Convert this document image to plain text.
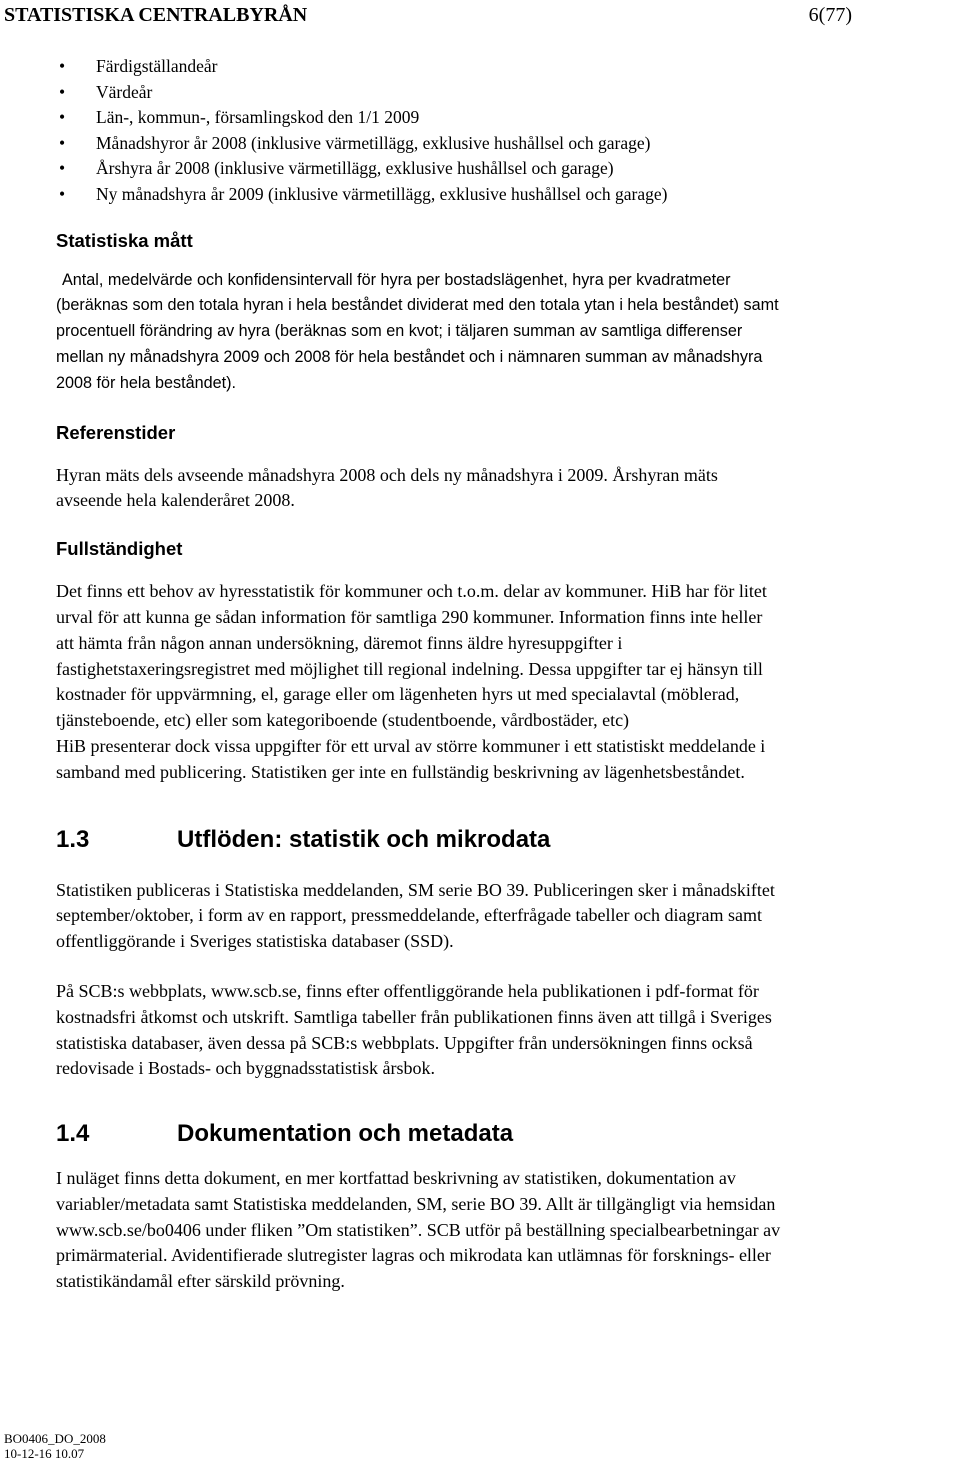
STATISTISKA CENTRALBYRÅN	6(77)
• Färdigställandeår
• Värdeår
• Län-, kommun-, församlingskod den 1/1 2009
• Månadshyror år 2008 (inklusive värmetillägg, exklusive hushållsel och garage)
• Årshyra år 2008 (inklusive värmetillägg, exklusive hushållsel och garage)
• Ny månadshyra år 2009 (inklusive värmetillägg, exklusive hushållsel och garage)
Statistiska mått

Antal, medelvärde och konfidensintervall för hyra per bostadslägenhet, hyra per kvadratmeter
(beräknas som den totala hyran i hela beståndet dividerat med den totala ytan i hela beståndet) samt
procentuell förändring av hyra (beräknas som en kvot; i täljaren summan av samtliga differenser
mellan ny månadshyra 2009 och 2008 för hela beståndet och i nämnaren summan av månadshyra
2008 för hela beståndet).

Referenstider

Hyran mäts dels avseende månadshyra 2008 och dels ny månadshyra i 2009. Årshyran mäts
avseende hela kalenderåret 2008.

Fullständighet

Det finns ett behov av hyresstatistik för kommuner och t.o.m. delar av kommuner. HiB har för litet
urval för att kunna ge sådan information för samtliga 290 kommuner. Information finns inte heller
att hämta från någon annan undersökning, däremot finns äldre hyresuppgifter i
fastighetstaxeringsregistret med möjlighet till regional indelning. Dessa uppgifter tar ej hänsyn till
kostnader för uppvärmning, el, garage eller om lägenheten hyrs ut med specialavtal (möblerad,
tjänsteboende, etc) eller som kategoriboende (studentboende, vårdbostäder, etc)
HiB presenterar dock vissa uppgifter för ett urval av större kommuner i ett statistiskt meddelande i
samband med publicering. Statistiken ger inte en fullständig beskrivning av lägenhetsbeståndet.

1.3	Utflöden: statistik och mikrodata

Statistiken publiceras i Statistiska meddelanden, SM serie BO 39. Publiceringen sker i månadskiftet
september/oktober, i form av en rapport, pressmeddelande, efterfrågade tabeller och diagram samt
offentliggörande i Sveriges statistiska databaser (SSD).

På SCB:s webbplats, www.scb.se, finns efter offentliggörande hela publikationen i pdf-format för
kostnadsfri åtkomst och utskrift. Samtliga tabeller från publikationen finns även att tillgå i Sveriges
statistiska databaser, även dessa på SCB:s webbplats. Uppgifter från undersökningen finns också
redovisade i Bostads- och byggnadsstatistisk årsbok.

1.4	Dokumentation och metadata

I nuläget finns detta dokument, en mer kortfattad beskrivning av statistiken, dokumentation av
variabler/metadata samt Statistiska meddelanden, SM, serie BO 39. Allt är tillgängligt via hemsidan
www.scb.se/bo0406 under fliken ”Om statistiken”. SCB utför på beställning specialbearbetningar av
primärmaterial. Avidentifierade slutregister lagras och mikrodata kan utlämnas för forsknings- eller
statistikändamål efter särskild prövning.

BO0406_DO_2008
10-12-16 10.07
